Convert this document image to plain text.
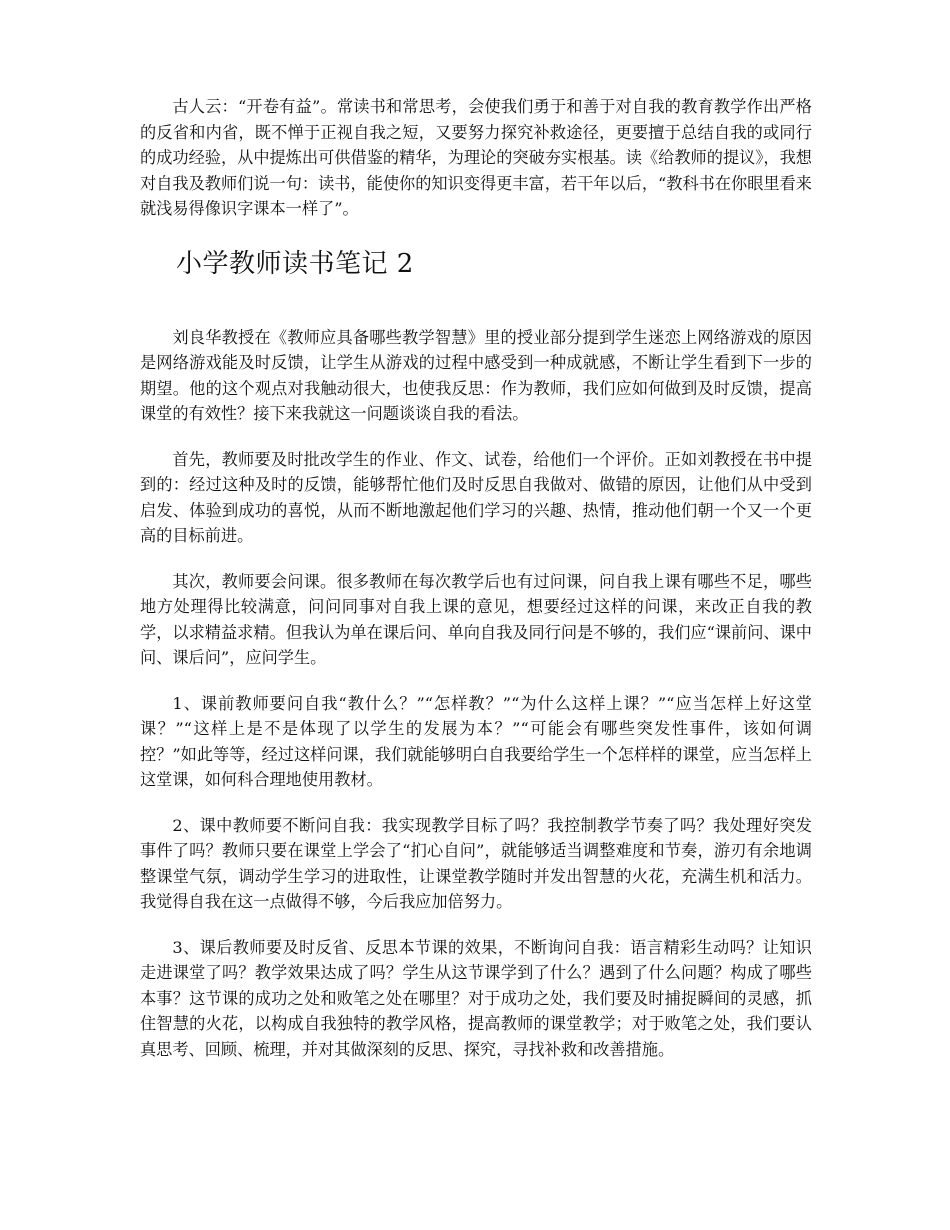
古人云：“开卷有益”。常读书和常思考，会使我们勇于和善于对自我的教育教学作出严格的反省和内省，既不惮于正视自我之短，又要努力探究补救途径，更要擅于总结自我的或同行的成功经验，从中提炼出可供借鉴的精华，为理论的突破夯实根基。读《给教师的提议》，我想对自我及教师们说一句：读书，能使你的知识变得更丰富，若干年以后，“教科书在你眼里看来就浅易得像识字课本一样了”。

小学教师读书笔记 2

刘良华教授在《教师应具备哪些教学智慧》里的授业部分提到学生迷恋上网络游戏的原因是网络游戏能及时反馈，让学生从游戏的过程中感受到一种成就感，不断让学生看到下一步的期望。他的这个观点对我触动很大，也使我反思：作为教师，我们应如何做到及时反馈，提高课堂的有效性？接下来我就这一问题谈谈自我的看法。

首先，教师要及时批改学生的作业、作文、试卷，给他们一个评价。正如刘教授在书中提到的：经过这种及时的反馈，能够帮忙他们及时反思自我做对、做错的原因，让他们从中受到启发、体验到成功的喜悦，从而不断地激起他们学习的兴趣、热情，推动他们朝一个又一个更高的目标前进。

其次，教师要会问课。很多教师在每次教学后也有过问课，问自我上课有哪些不足，哪些地方处理得比较满意，问问同事对自我上课的意见，想要经过这样的问课，来改正自我的教学，以求精益求精。但我认为单在课后问、单向自我及同行问是不够的，我们应“课前问、课中问、课后问”，应问学生。

1、课前教师要问自我“教什么？”“怎样教？”“为什么这样上课？”“应当怎样上好这堂课？”“这样上是不是体现了以学生的发展为本？”“可能会有哪些突发性事件，该如何调控？”如此等等，经过这样问课，我们就能够明白自我要给学生一个怎样样的课堂，应当怎样上这堂课，如何科合理地使用教材。

2、课中教师要不断问自我：我实现教学目标了吗？我控制教学节奏了吗？我处理好突发事件了吗？教师只要在课堂上学会了“扪心自问”，就能够适当调整难度和节奏，游刃有余地调整课堂气氛，调动学生学习的进取性，让课堂教学随时并发出智慧的火花，充满生机和活力。我觉得自我在这一点做得不够，今后我应加倍努力。

3、课后教师要及时反省、反思本节课的效果，不断询问自我：语言精彩生动吗？让知识走进课堂了吗？教学效果达成了吗？学生从这节课学到了什么？遇到了什么问题？构成了哪些本事？这节课的成功之处和败笔之处在哪里？对于成功之处，我们要及时捕捉瞬间的灵感，抓住智慧的火花，以构成自我独特的教学风格，提高教师的课堂教学；对于败笔之处，我们要认真思考、回顾、梳理，并对其做深刻的反思、探究，寻找补救和改善措施。
